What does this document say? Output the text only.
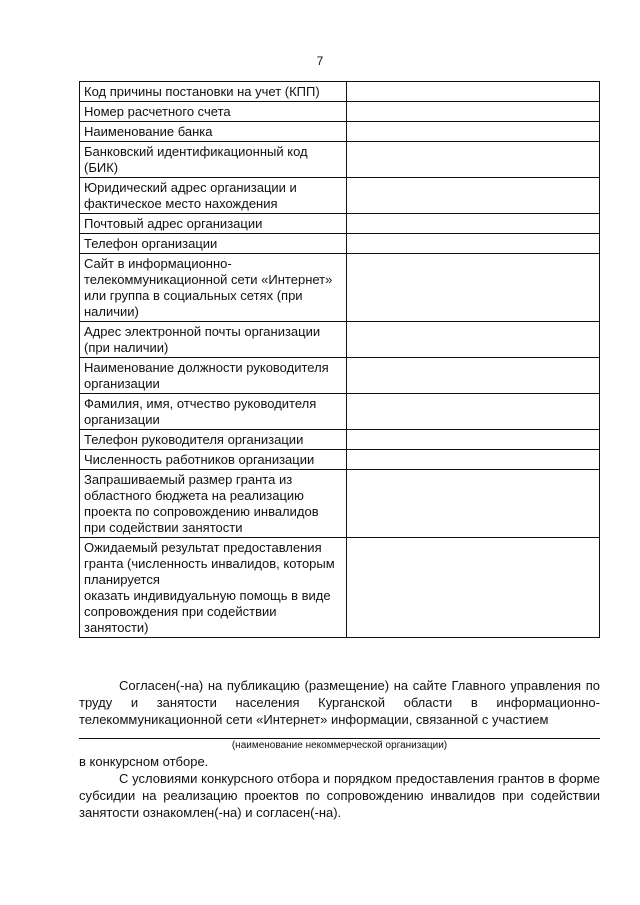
7
Код причины постановки на учет (КПП)	
Номер расчетного счета	
Наименование банка	
Банковский идентификационный код (БИК)	
Юридический адрес организации и фактическое место нахождения	
Почтовый адрес организации	
Телефон организации	
Сайт в информационно-телекоммуникационной сети «Интернет» или группа в социальных сетях (при наличии)	
Адрес электронной почты организации (при наличии)	
Наименование должности руководителя организации	
Фамилия, имя, отчество руководителя организации	
Телефон руководителя организации	
Численность работников организации	
Запрашиваемый размер гранта из областного бюджета на реализацию проекта по сопровождению инвалидов при содействии занятости	
Ожидаемый результат предоставления гранта (численность инвалидов, которым планируется
оказать индивидуальную помощь в виде сопровождения при содействии занятости)	

Согласен(-на) на публикацию (размещение) на сайте Главного управления по труду и занятости населения Курганской области в информационно-телекоммуникационной сети «Интернет» информации, связанной с участием

(наименование некоммерческой организации)

в конкурсном отборе.

С условиями конкурсного отбора и порядком предоставления грантов в форме субсидии на реализацию проектов по сопровождению инвалидов при содействии занятости ознакомлен(-на) и согласен(-на).
